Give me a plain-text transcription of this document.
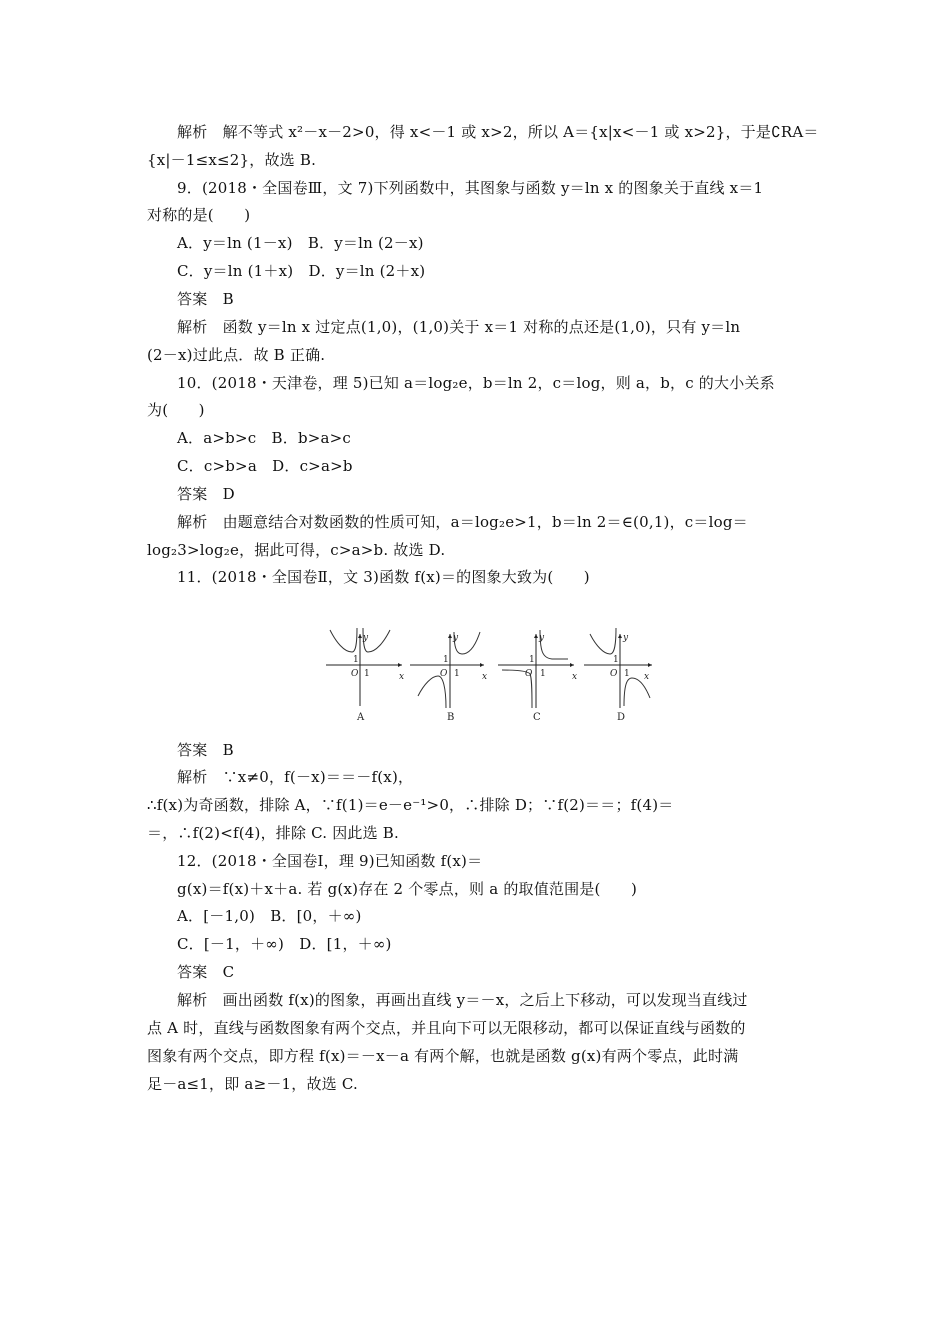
解析　解不等式 x²－x－2>0，得 x<－1 或 x>2，所以 A＝{x|x<－1 或 x>2}，于是∁RA＝
{x|－1≤x≤2}，故选 B.
9．(2018・全国卷Ⅲ，文 7)下列函数中，其图象与函数 y＝ln x 的图象关于直线 x＝1
对称的是(　　)
A．y＝ln (1－x)　B．y＝ln (2－x)
C．y＝ln (1＋x)　D．y＝ln (2＋x)
答案　B
解析　函数 y＝ln x 过定点(1,0)，(1,0)关于 x＝1 对称的点还是(1,0)，只有 y＝ln
(2－x)过此点．故 B 正确.
10．(2018・天津卷，理 5)已知 a＝log₂e，b＝ln 2，c＝log，则 a，b，c 的大小关系
为(　　)
A．a>b>c　B．b>a>c
C．c>b>a　D．c>a>b
答案　D
解析　由题意结合对数函数的性质可知，a＝log₂e>1，b＝ln 2＝∈(0,1)，c＝log＝
log₂3>log₂e，据此可得，c>a>b. 故选 D.
11．(2018・全国卷Ⅱ，文 3)函数 f(x)＝的图象大致为(　　)
y
x
O
1
1
A
y
x
O
1
1
B
y
x
O
1
1
C
y
x
O
1
1
D
答案　B
解析　∵x≠0，f(－x)＝＝－f(x)，
∴f(x)为奇函数，排除 A，∵f(1)＝e－e⁻¹>0，∴排除 D；∵f(2)＝＝；f(4)＝
＝，∴f(2)<f(4)，排除 C. 因此选 B.
12．(2018・全国卷Ⅰ，理 9)已知函数 f(x)＝
g(x)＝f(x)＋x＋a. 若 g(x)存在 2 个零点，则 a 的取值范围是(　　)
A．[－1,0)　B．[0，＋∞)
C．[－1，＋∞)　D．[1，＋∞)
答案　C
解析　画出函数 f(x)的图象，再画出直线 y＝－x，之后上下移动，可以发现当直线过
点 A 时，直线与函数图象有两个交点，并且向下可以无限移动，都可以保证直线与函数的
图象有两个交点，即方程 f(x)＝－x－a 有两个解，也就是函数 g(x)有两个零点，此时满
足－a≤1，即 a≥－1，故选 C.
